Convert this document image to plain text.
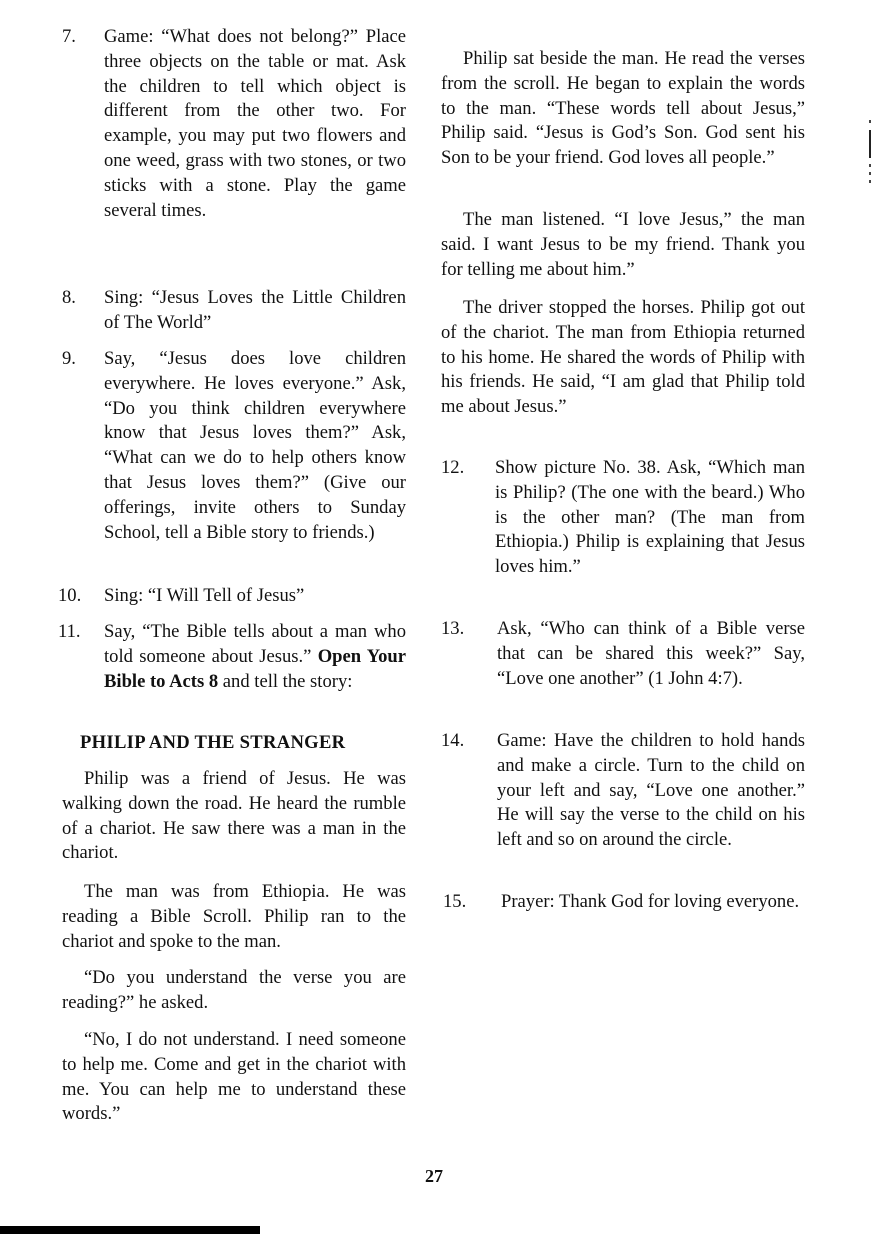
7. Game: “What does not belong?” Place three objects on the table or mat. Ask the children to tell which object is different from the other two. For example, you may put two flowers and one weed, grass with two stones, or two sticks with a stone. Play the game several times.
8. Sing: “Jesus Loves the Little Children of The World”
9. Say, “Jesus does love children everywhere. He loves everyone.” Ask, “Do you think children everywhere know that Jesus loves them?” Ask, “What can we do to help others know that Jesus loves them?” (Give our offerings, invite others to Sunday School, tell a Bible story to friends.)
10. Sing: “I Will Tell of Jesus”
11. Say, “The Bible tells about a man who told someone about Jesus.” Open Your Bible to Acts 8 and tell the story:
PHILIP AND THE STRANGER
Philip was a friend of Jesus. He was walking down the road. He heard the rumble of a chariot. He saw there was a man in the chariot.
The man was from Ethiopia. He was reading a Bible Scroll. Philip ran to the chariot and spoke to the man.
“Do you understand the verse you are reading?” he asked.
“No, I do not understand. I need someone to help me. Come and get in the chariot with me. You can help me to understand these words.”
Philip sat beside the man. He read the verses from the scroll. He began to explain the words to the man. “These words tell about Jesus,” Philip said. “Jesus is God’s Son. God sent his Son to be your friend. God loves all people.”
The man listened. “I love Jesus,” the man said. I want Jesus to be my friend. Thank you for telling me about him.”
The driver stopped the horses. Philip got out of the chariot. The man from Ethiopia returned to his home. He shared the words of Philip with his friends. He said, “I am glad that Philip told me about Jesus.”
12. Show picture No. 38. Ask, “Which man is Philip? (The one with the beard.) Who is the other man? (The man from Ethiopia.) Philip is explaining that Jesus loves him.”
13. Ask, “Who can think of a Bible verse that can be shared this week?” Say, “Love one another” (1 John 4:7).
14. Game: Have the children to hold hands and make a circle. Turn to the child on your left and say, “Love one another.” He will say the verse to the child on his left and so on around the circle.
15. Prayer: Thank God for loving everyone.
27
